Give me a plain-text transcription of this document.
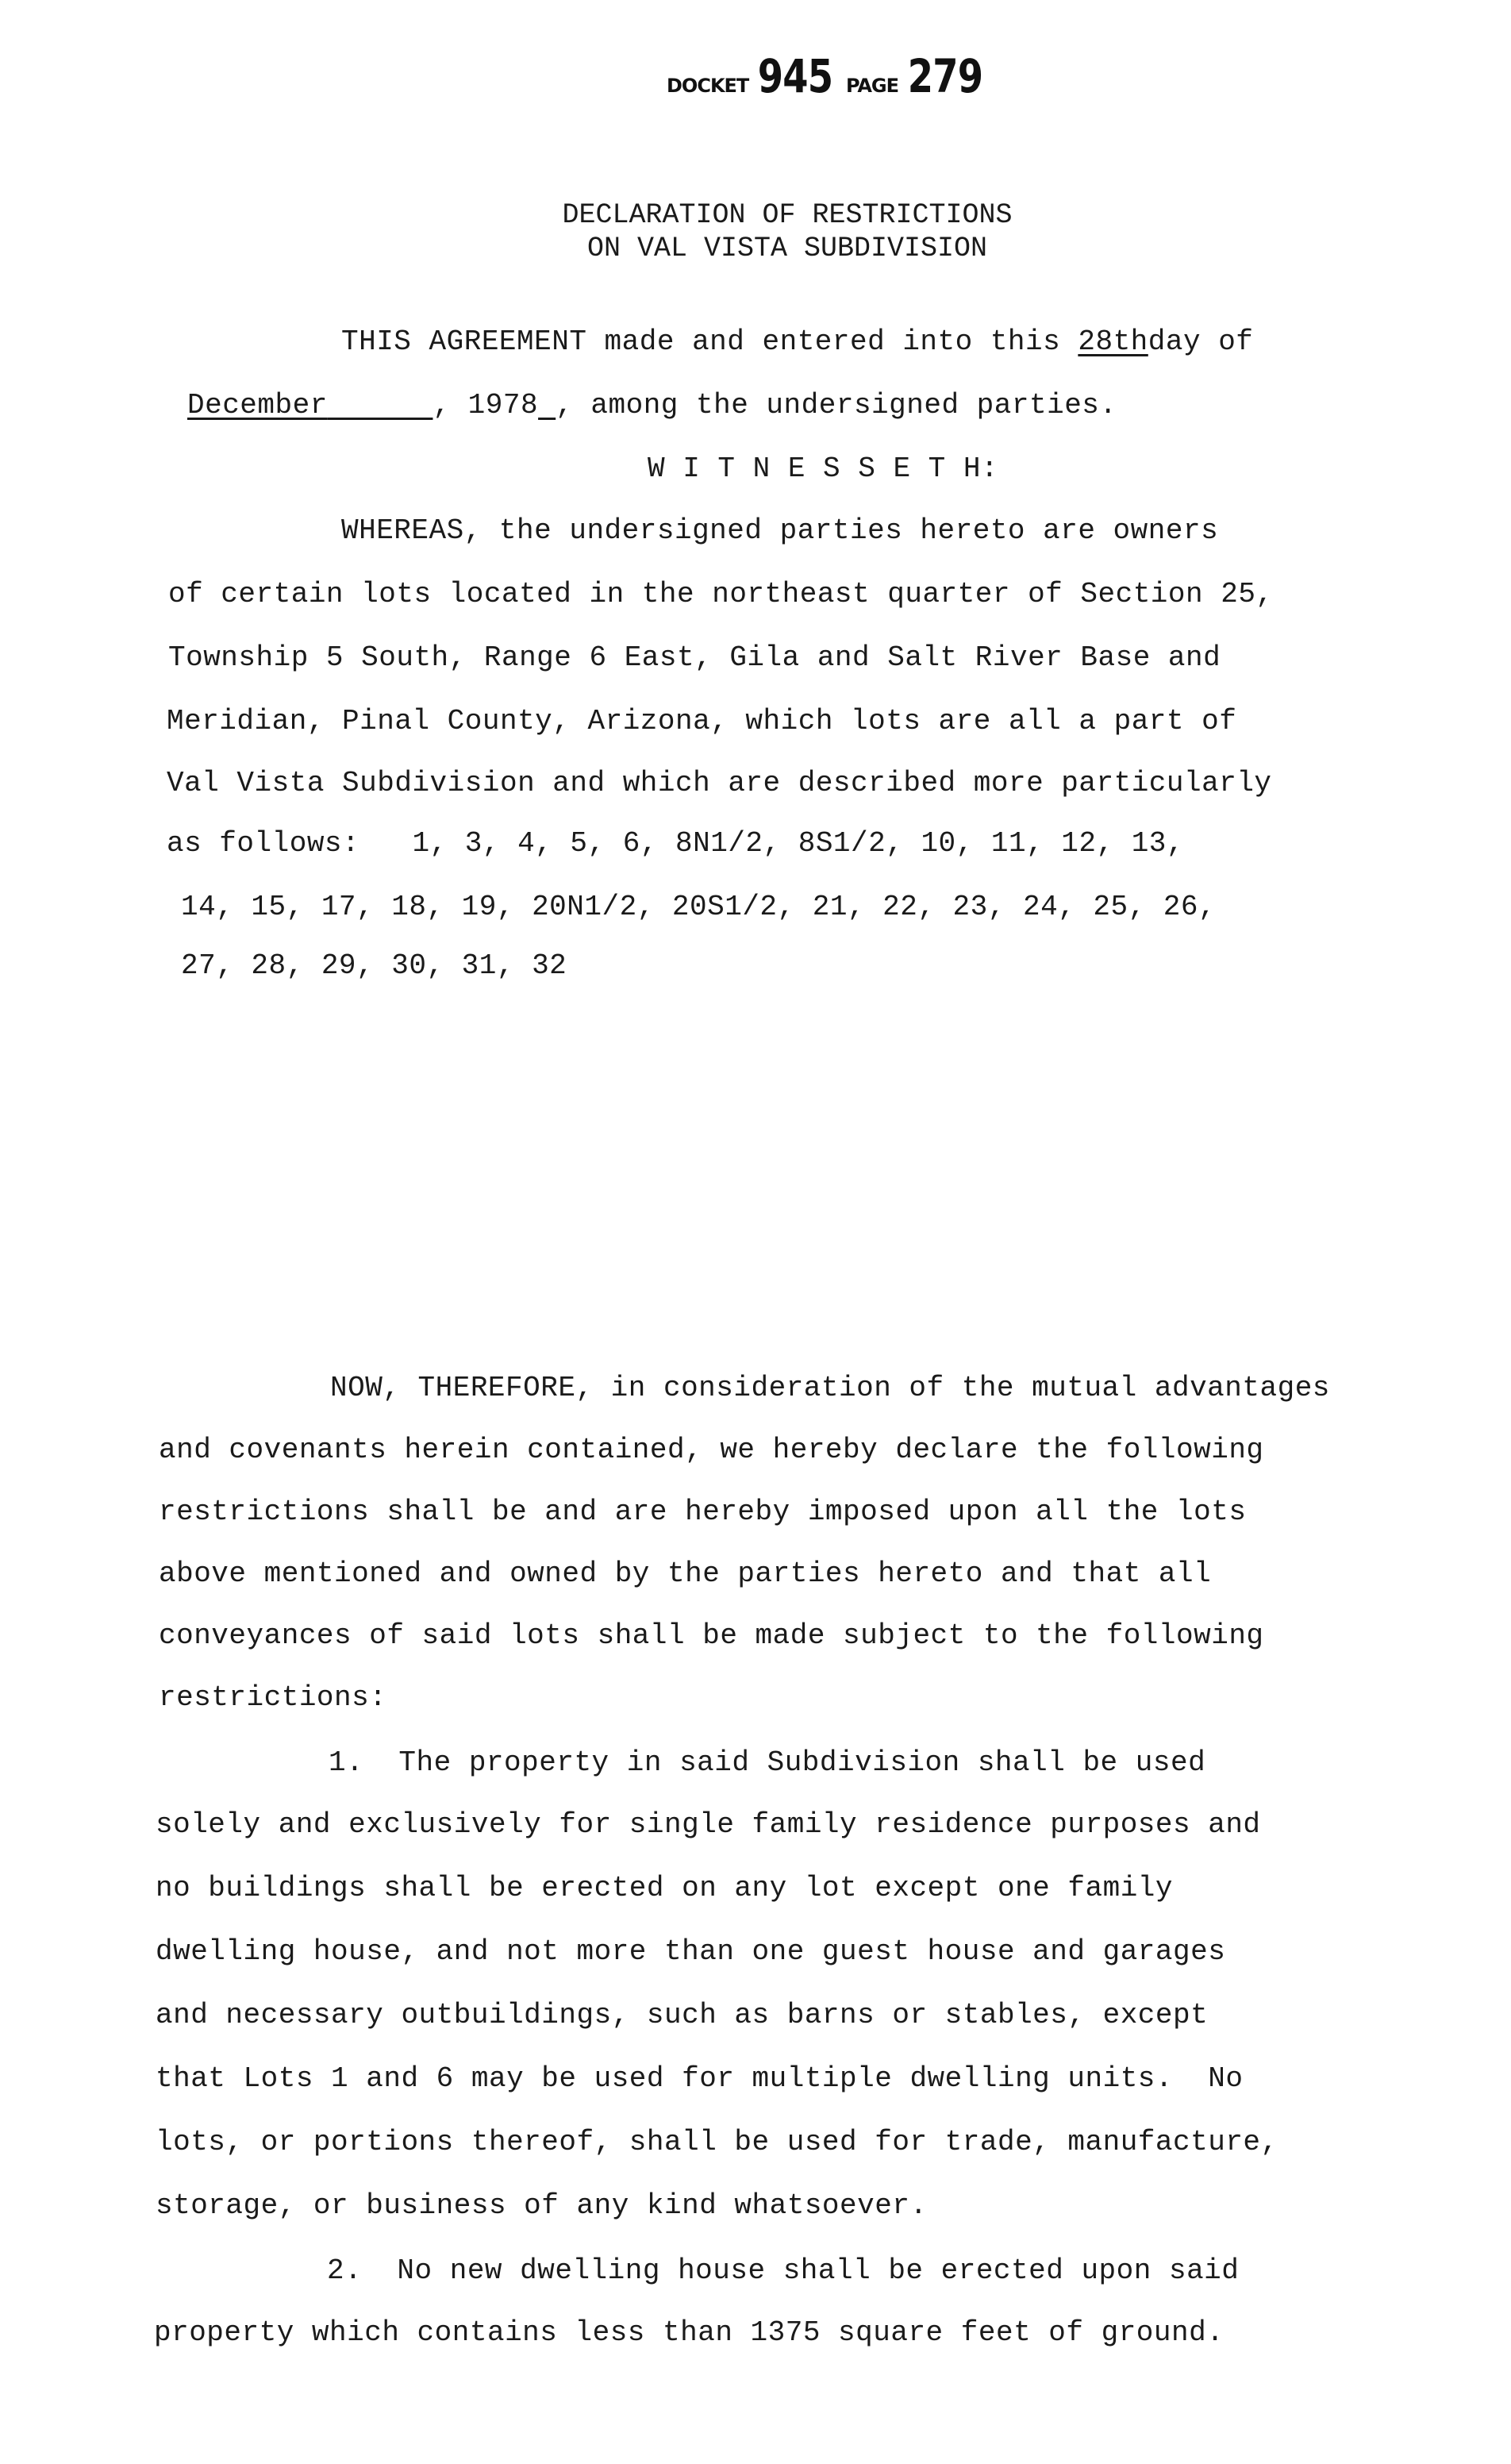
DOCKET 945 PAGE 279
DECLARATION OF RESTRICTIONS
ON VAL VISTA SUBDIVISION
THIS AGREEMENT made and entered into this 28thday of
December	, 1978 , among the undersigned parties.
W I T N E S S E T H:
WHEREAS, the undersigned parties hereto are owners
of certain lots located in the northeast quarter of Section 25,
Township 5 South, Range 6 East, Gila and Salt River Base and
Meridian, Pinal County, Arizona, which lots are all a part of
Val Vista Subdivision and which are described more particularly
as follows:   1, 3, 4, 5, 6, 8N1/2, 8S1/2, 10, 11, 12, 13,
14, 15, 17, 18, 19, 20N1/2, 20S1/2, 21, 22, 23, 24, 25, 26,
27, 28, 29, 30, 31, 32
NOW, THEREFORE, in consideration of the mutual advantages
and covenants herein contained, we hereby declare the following
restrictions shall be and are hereby imposed upon all the lots
above mentioned and owned by the parties hereto and that all
conveyances of said lots shall be made subject to the following
restrictions:
1.  The property in said Subdivision shall be used
solely and exclusively for single family residence purposes and
no buildings shall be erected on any lot except one family
dwelling house, and not more than one guest house and garages
and necessary outbuildings, such as barns or stables, except
that Lots 1 and 6 may be used for multiple dwelling units.  No
lots, or portions thereof, shall be used for trade, manufacture,
storage, or business of any kind whatsoever.
2.  No new dwelling house shall be erected upon said
property which contains less than 1375 square feet of ground.
